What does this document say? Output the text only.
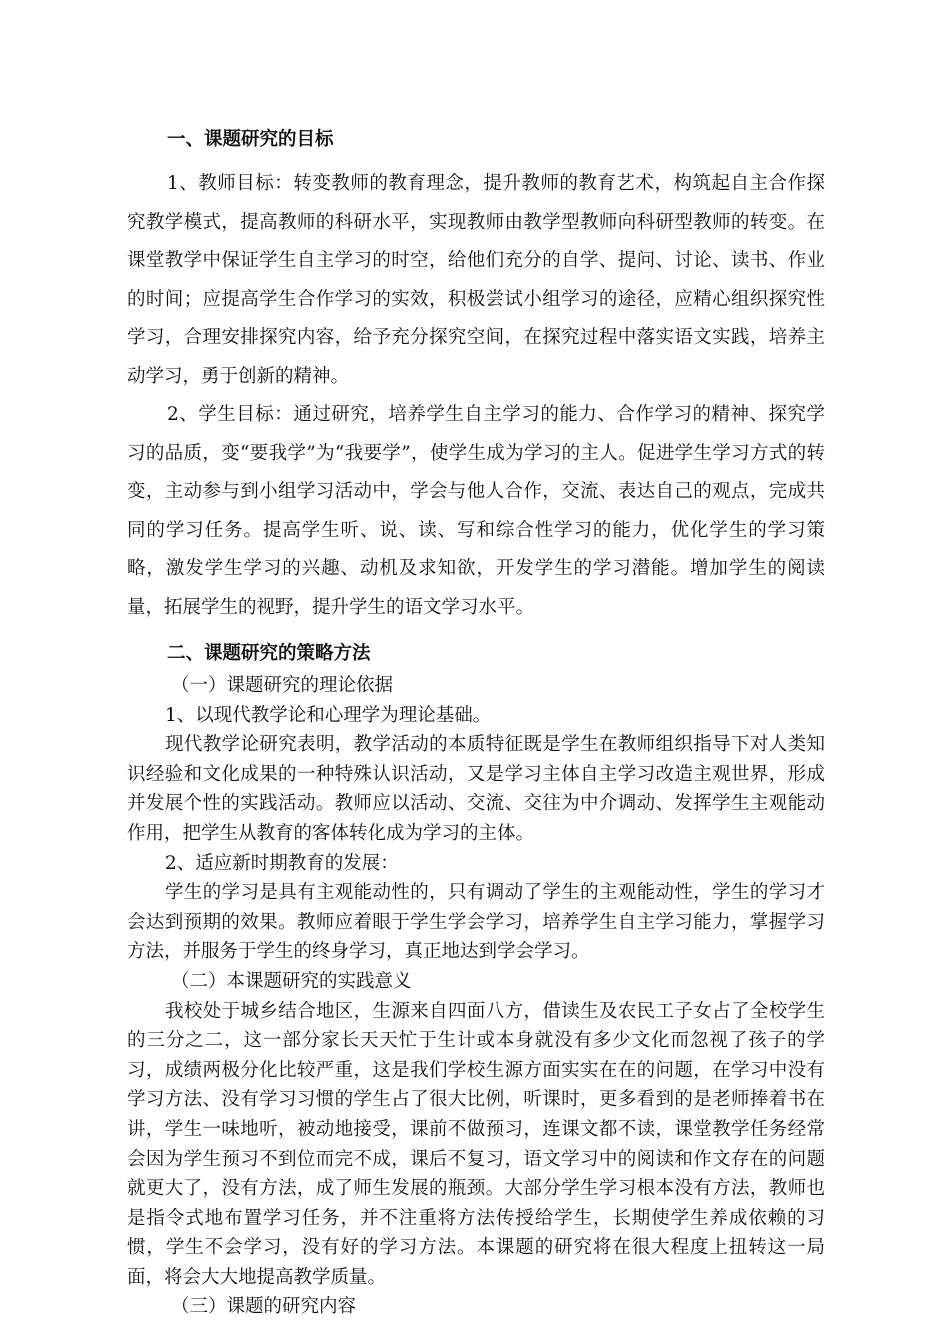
一、课题研究的目标

1、教师目标：转变教师的教育理念，提升教师的教育艺术，构筑起自主合作探究教学模式，提高教师的科研水平，实现教师由教学型教师向科研型教师的转变。在课堂教学中保证学生自主学习的时空，给他们充分的自学、提问、讨论、读书、作业的时间；应提高学生合作学习的实效，积极尝试小组学习的途径，应精心组织探究性学习，合理安排探究内容，给予充分探究空间，在探究过程中落实语文实践，培养主动学习，勇于创新的精神。

2、学生目标：通过研究，培养学生自主学习的能力、合作学习的精神、探究学习的品质，变“要我学”为“我要学”，使学生成为学习的主人。促进学生学习方式的转变，主动参与到小组学习活动中，学会与他人合作，交流、表达自己的观点，完成共同的学习任务。提高学生听、说、读、写和综合性学习的能力，优化学生的学习策略，激发学生学习的兴趣、动机及求知欲，开发学生的学习潜能。增加学生的阅读量，拓展学生的视野，提升学生的语文学习水平。

二、课题研究的策略方法

（一）课题研究的理论依据

1、以现代教学论和心理学为理论基础。

现代教学论研究表明，教学活动的本质特征既是学生在教师组织指导下对人类知识经验和文化成果的一种特殊认识活动，又是学习主体自主学习改造主观世界，形成并发展个性的实践活动。教师应以活动、交流、交往为中介调动、发挥学生主观能动作用，把学生从教育的客体转化成为学习的主体。

2、适应新时期教育的发展：

学生的学习是具有主观能动性的，只有调动了学生的主观能动性，学生的学习才会达到预期的效果。教师应着眼于学生学会学习，培养学生自主学习能力，掌握学习方法，并服务于学生的终身学习，真正地达到学会学习。

（二）本课题研究的实践意义

我校处于城乡结合地区，生源来自四面八方，借读生及农民工子女占了全校学生的三分之二，这一部分家长天天忙于生计或本身就没有多少文化而忽视了孩子的学习，成绩两极分化比较严重，这是我们学校生源方面实实在在的问题，在学习中没有学习方法、没有学习习惯的学生占了很大比例，听课时，更多看到的是老师捧着书在讲，学生一味地听，被动地接受，课前不做预习，连课文都不读，课堂教学任务经常会因为学生预习不到位而完不成，课后不复习，语文学习中的阅读和作文存在的问题就更大了，没有方法，成了师生发展的瓶颈。大部分学生学习根本没有方法，教师也是指令式地布置学习任务，并不注重将方法传授给学生，长期使学生养成依赖的习惯，学生不会学习，没有好的学习方法。本课题的研究将在很大程度上扭转这一局面，将会大大地提高教学质量。

（三）课题的研究内容
